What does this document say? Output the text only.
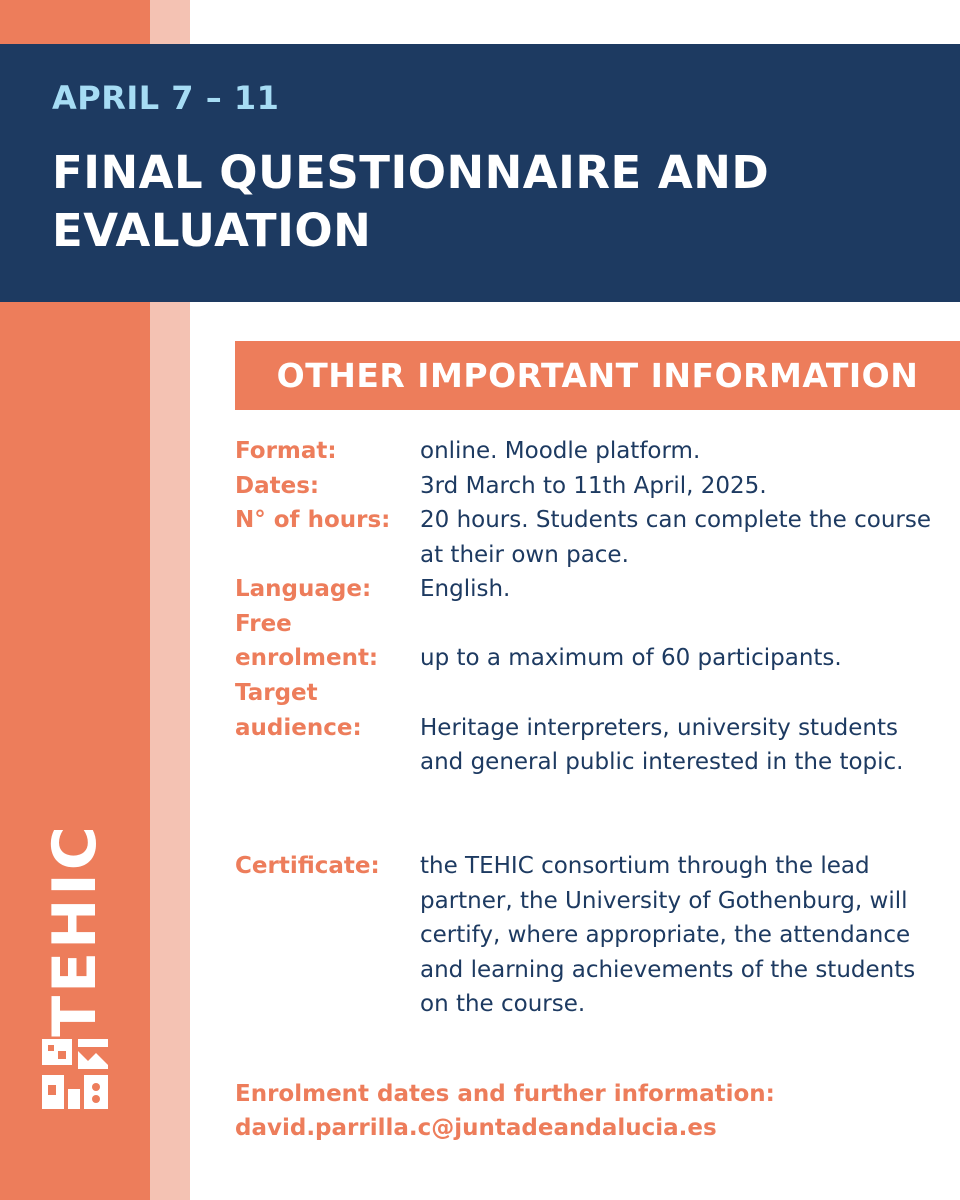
APRIL 7 – 11

FINAL QUESTIONNAIRE AND EVALUATION
OTHER IMPORTANT INFORMATION
Format:	online. Moodle platform.
Dates:	3rd March to 11th April, 2025.
N° of hours:	20 hours. Students can complete the course at their own pace.
Language:	English.
Free
enrolment:	up to a maximum of 60 participants.
Target
audience:	Heritage interpreters, university students and general public interested in the topic.
Certificate:	the TEHIC consortium through the lead partner, the University of Gothenburg, will certify, where appropriate, the attendance and learning achievements of the students on the course.

Enrolment dates and further information:

david.parrilla.c@juntadeandalucia.es

TEHIC
